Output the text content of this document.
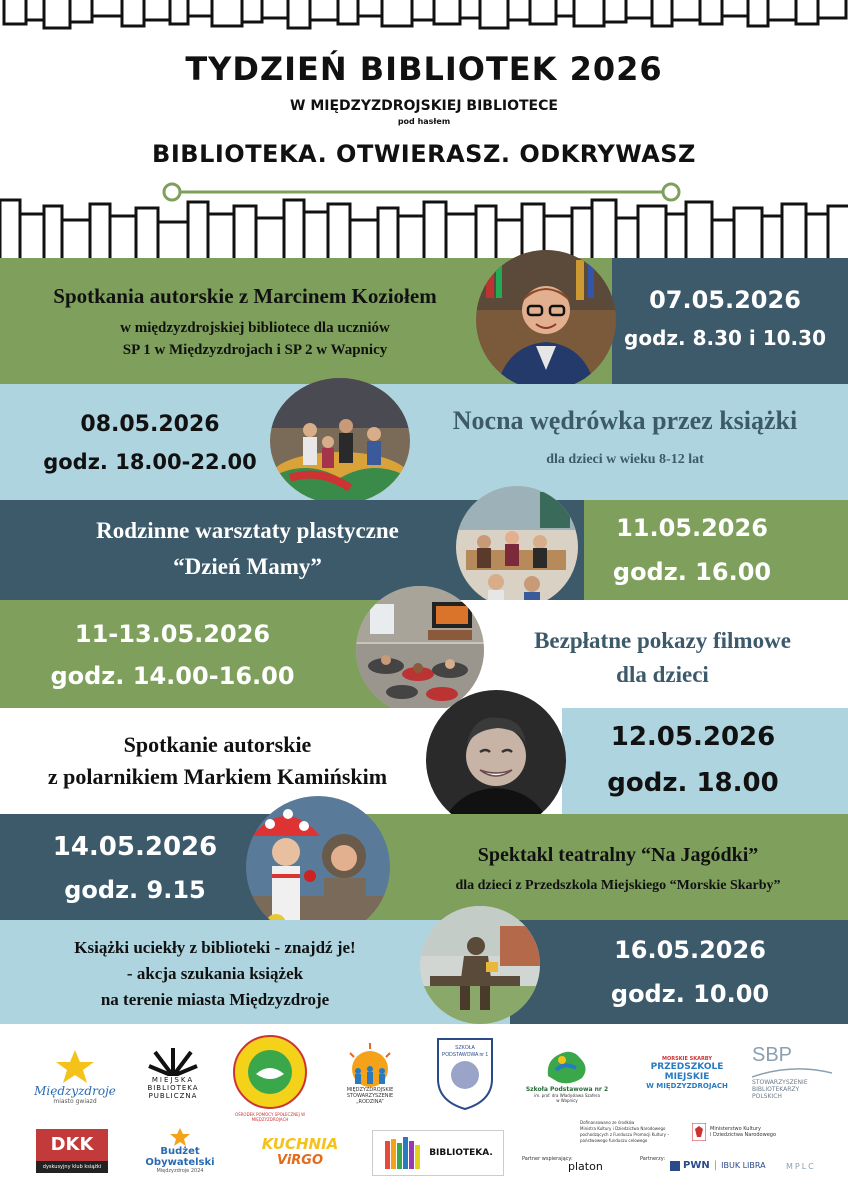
TYDZIEŃ BIBLIOTEK 2026
W MIĘDZYZDROJSKIEJ BIBLIOTECE
pod hasłem
BIBLIOTEKA. OTWIERASZ. ODKRYWASZ
Spotkania autorskie z Marcinem Koziołem
w międzyzdrojskiej bibliotece dla uczniów
SP 1 w Międzyzdrojach i SP 2 w Wapnicy
07.05.2026
godz. 8.30 i 10.30
08.05.2026
godz. 18.00-22.00
Nocna wędrówka przez książki
dla dzieci w wieku 8-12 lat
Rodzinne warsztaty plastyczne
“Dzień Mamy”
11.05.2026
godz. 16.00
11-13.05.2026
godz. 14.00-16.00
Bezpłatne pokazy filmowe
dla dzieci
Spotkanie autorskie
z polarnikiem Markiem Kamińskim
12.05.2026
godz. 18.00
14.05.2026
godz. 9.15
Spektakl teatralny “Na Jagódki”
dla dzieci z Przedszkola Miejskiego “Morskie Skarby”
Książki uciekły z biblioteki - znajdź je!
- akcja szukania książek
na terenie miasta Międzyzdroje
16.05.2026
godz. 10.00
Międzyzdroje
miasto gwiazd
MIEJSKA
BIBLIOTEKA
PUBLICZNA
OŚRODEK POMOCY SPOŁECZNEJ W MIĘDZYZDROJACH
MIĘDZYZDROJSKIE
STOWARZYSZENIE
„RODZINA”
SZKOŁA
PODSTAWOWA nr 1
Szkoła Podstawowa nr 2
im. prof. dra Władysława Szafera
w Wapnicy
MORSKIE SKARBY
PRZEDSZKOLE
MIEJSKIE
W MIĘDZYZDROJACH
SBP
STOWARZYSZENIE
BIBLIOTEKARZY
POLSKICH
DKK
dyskusyjny klub książki
Budżet
Obywatelski
Międzyzdroje 2024
KUCHNIA
ViRGO	BIBLIOTEKA.
Dofinansowano ze środków
Ministra Kultury i Dziedzictwa Narodowego
pochodzących z Funduszu Promocji Kultury –
państwowego funduszu celowego
Ministerstwo Kultury
i Dziedzictwa Narodowego
Partner wspierający:
platon
Partnerzy:
PWN | IBUK LIBRA	MPLC
